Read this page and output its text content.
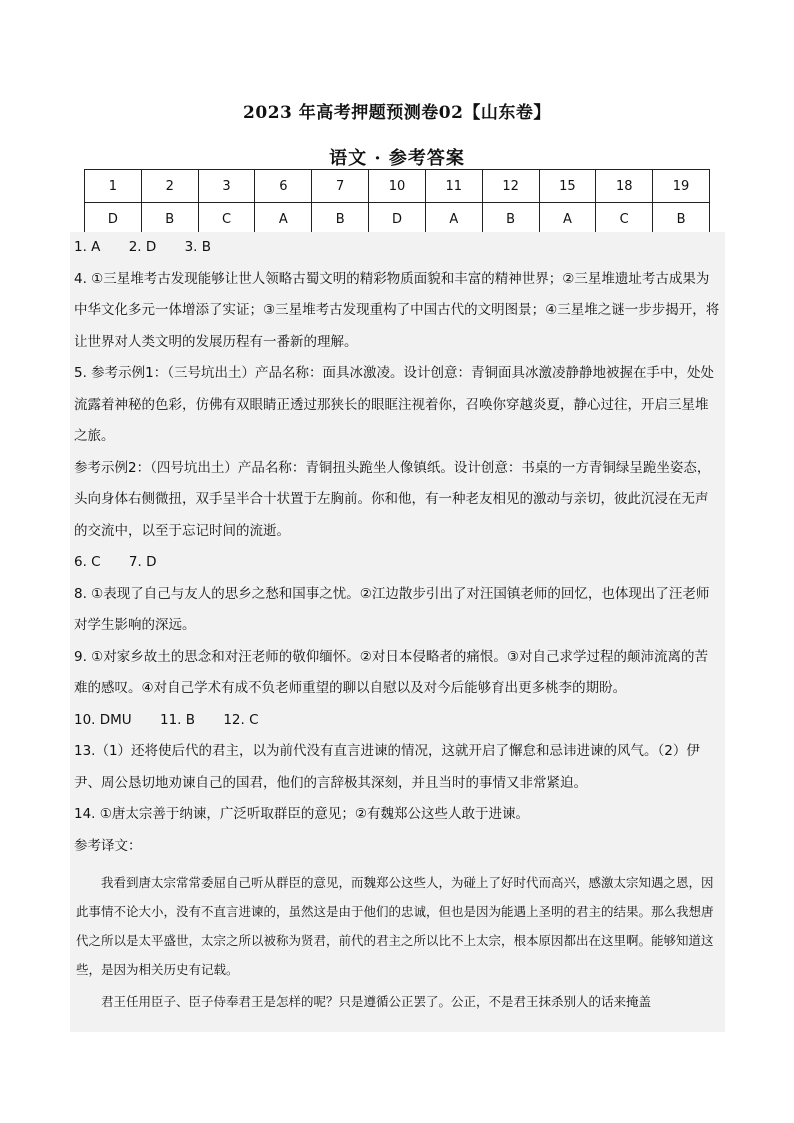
2023 年高考押题预测卷02【山东卷】
语文 · 参考答案
1	2	3	6	7	10	11	12	15	18	19
D	B	C	A	B	D	A	B	A	C	B

1. A 2. D 3. B

4. ①三星堆考古发现能够让世人领略古蜀文明的精彩物质面貌和丰富的精神世界；②三星堆遗址考古成果为中华文化多元一体增添了实证；③三星堆考古发现重构了中国古代的文明图景；④三星堆之谜一步步揭开，将让世界对人类文明的发展历程有一番新的理解。

5. 参考示例1：（三号坑出土）产品名称：面具冰激凌。设计创意：青铜面具冰激凌静静地被握在手中，处处流露着神秘的色彩，仿佛有双眼睛正透过那狭长的眼眶注视着你，召唤你穿越炎夏，静心过往，开启三星堆之旅。

参考示例2：（四号坑出土）产品名称：青铜扭头跪坐人像镇纸。设计创意：书桌的一方青铜绿呈跪坐姿态，头向身体右侧微扭，双手呈半合十状置于左胸前。你和他，有一种老友相见的激动与亲切，彼此沉浸在无声的交流中，以至于忘记时间的流逝。

6. C 7. D

8. ①表现了自己与友人的思乡之愁和国事之忧。②江边散步引出了对汪国镇老师的回忆，也体现出了汪老师对学生影响的深远。

9. ①对家乡故土的思念和对汪老师的敬仰缅怀。②对日本侵略者的痛恨。③对自己求学过程的颠沛流离的苦难的感叹。④对自己学术有成不负老师重望的聊以自慰以及对今后能够育出更多桃李的期盼。

10. DMU 11. B 12. C

13.（1）还将使后代的君主，以为前代没有直言进谏的情况，这就开启了懈怠和忌讳进谏的风气。（2）伊尹、周公恳切地劝谏自己的国君，他们的言辞极其深刻，并且当时的事情又非常紧迫。

14. ①唐太宗善于纳谏，广泛听取群臣的意见；②有魏郑公这些人敢于进谏。

参考译文：

我看到唐太宗常常委屈自己听从群臣的意见，而魏郑公这些人，为碰上了好时代而高兴，感激太宗知遇之恩，因此事情不论大小，没有不直言进谏的，虽然这是由于他们的忠诚，但也是因为能遇上圣明的君主的结果。那么我想唐代之所以是太平盛世，太宗之所以被称为贤君，前代的君主之所以比不上太宗，根本原因都出在这里啊。能够知道这些，是因为相关历史有记载。

君王任用臣子、臣子侍奉君王是怎样的呢？只是遵循公正罢了。公正，不是君王抹杀别人的话来掩盖
